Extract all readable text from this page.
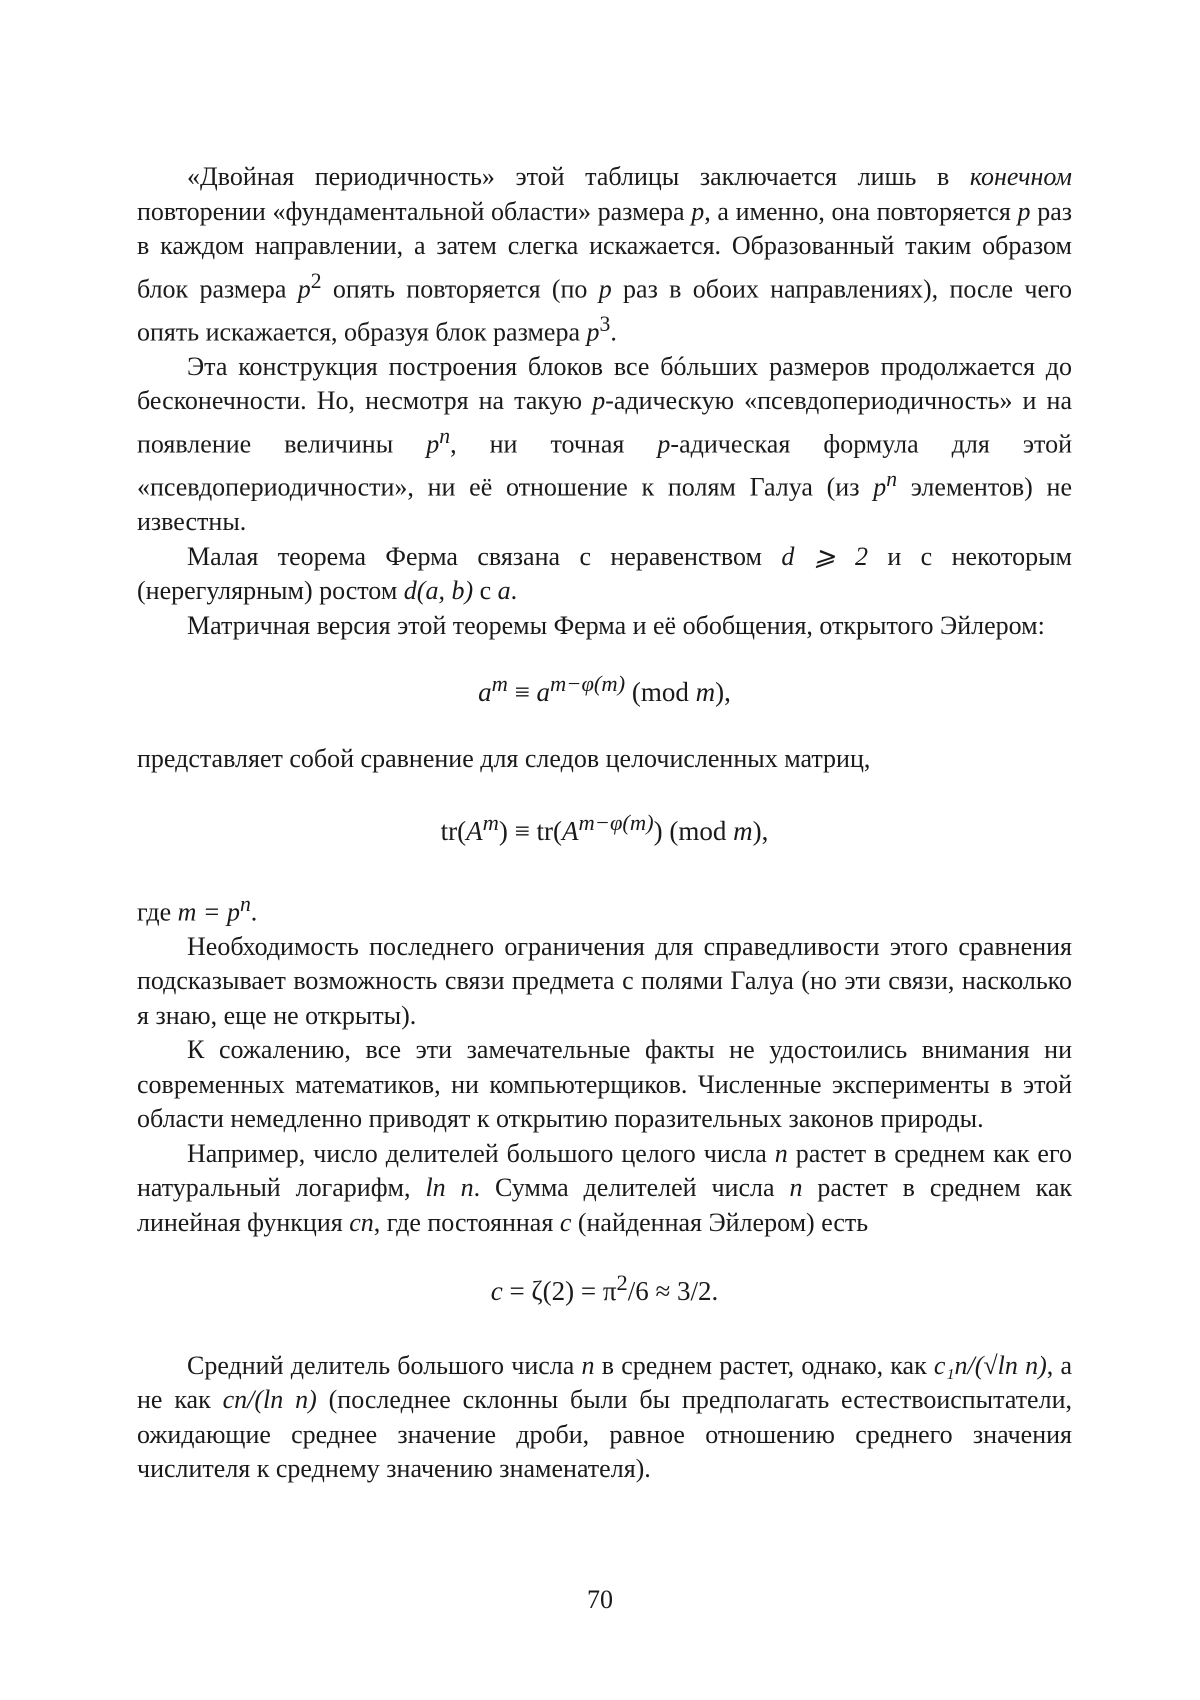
«Двойная периодичность» этой таблицы заключается лишь в конечном повторении «фундаментальной области» размера p, а именно, она повторяется p раз в каждом направлении, а затем слегка искажается. Образованный таким образом блок размера $p^2$ опять повторяется (по p раз в обоих направлениях), после чего опять искажается, образуя блок размера $p^3$.

Эта конструкция построения блоков все бóльших размеров продолжается до бесконечности. Но, несмотря на такую p-адическую «псевдопериодичность» и на появление величины $p^n$, ни точная p-адическая формула для этой «псевдопериодичности», ни её отношение к полям Галуа (из $p^n$ элементов) не известны.

Малая теорема Ферма связана с неравенством d ⩾ 2 и с некоторым (нерегулярным) ростом d(a, b) с a.

Матричная версия этой теоремы Ферма и её обобщения, открытого Эйлером:

$a^m \equiv a^{m-\varphi(m)}$ (mod m),

представляет собой сравнение для следов целочисленных матриц,

$tr(A^m) \equiv tr(A^{m-\varphi(m)})$ (mod m),

где $m = p^n$.

Необходимость последнего ограничения для справедливости этого сравнения подсказывает возможность связи предмета с полями Галуа (но эти связи, насколько я знаю, еще не открыты).

К сожалению, все эти замечательные факты не удостоились внимания ни современных математиков, ни компьютерщиков. Численные эксперименты в этой области немедленно приводят к открытию поразительных законов природы.

Например, число делителей большого целого числа n растет в среднем как его натуральный логарифм, ln n. Сумма делителей числа n растет в среднем как линейная функция cn, где постоянная c (найденная Эйлером) есть

$c = \zeta(2) = \pi^2/6 \approx 3/2$.

Средний делитель большого числа n в среднем растет, однако, как c₁n/(√ln n), а не как cn/(ln n) (последнее склонны были бы предполагать естествоиспытатели, ожидающие среднее значение дроби, равное отношению среднего значения числителя к среднему значению знаменателя).

70
